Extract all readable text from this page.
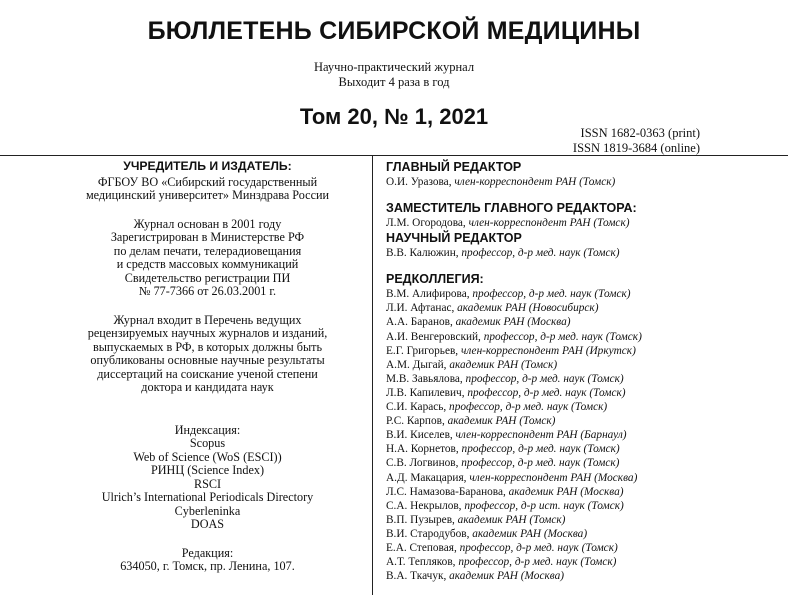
БЮЛЛЕТЕНЬ СИБИРСКОЙ МЕДИЦИНЫ
Научно-практический журнал
Выходит 4 раза в год
Том 20, № 1, 2021
ISSN 1682-0363 (print)
ISSN 1819-3684 (online)
УЧРЕДИТЕЛЬ И ИЗДАТЕЛЬ:

ФГБОУ ВО «Сибирский государственный

медицинский университет» Минздрава России

Журнал основан в 2001 году

Зарегистрирован в Министерстве РФ

по делам печати, телерадиовещания

и средств массовых коммуникаций

Свидетельство регистрации ПИ

№ 77-7366 от 26.03.2001 г.

Журнал входит в Перечень ведущих

рецензируемых научных журналов и изданий,

выпускаемых в РФ, в которых должны быть

опубликованы основные научные результаты

диссертаций на соискание ученой степени

доктора и кандидата наук

Индексация:

Scopus

Web of Science (WoS (ESCI))

РИНЦ (Science Index)

RSCI

Ulrich’s International Periodicals Directory

Cyberleninka

DOAS

Редакция:

634050, г. Томск, пр. Ленина, 107.

ГЛАВНЫЙ РЕДАКТОР
О.И. Уразова, член-корреспондент РАН (Томск)
ЗАМЕСТИТЕЛЬ ГЛАВНОГО РЕДАКТОРА:
Л.М. Огородова, член-корреспондент РАН (Томск)
НАУЧНЫЙ РЕДАКТОР
В.В. Калюжин, профессор, д-р мед. наук (Томск)
РЕДКОЛЛЕГИЯ:
В.М. Алифирова, профессор, д-р мед. наук (Томск)
Л.И. Афтанас, академик РАН (Новосибирск)
А.А. Баранов, академик РАН (Москва)
А.И. Венгеровский, профессор, д-р мед. наук (Томск)
Е.Г. Григорьев, член-корреспондент РАН (Иркутск)
А.М. Дыгай, академик РАН (Томск)
М.В. Завьялова, профессор, д-р мед. наук (Томск)
Л.В. Капилевич, профессор, д-р мед. наук (Томск)
С.И. Карась, профессор, д-р мед. наук (Томск)
Р.С. Карпов, академик РАН (Томск)
В.И. Киселев, член-корреспондент РАН (Барнаул)
Н.А. Корнетов, профессор, д-р мед. наук (Томск)
С.В. Логвинов, профессор, д-р мед. наук (Томск)
А.Д. Макацария, член-корреспондент РАН (Москва)
Л.С. Намазова-Баранова, академик РАН (Москва)
С.А. Некрылов, профессор, д-р ист. наук (Томск)
В.П. Пузырев, академик РАН (Томск)
В.И. Стародубов, академик РАН (Москва)
Е.А. Степовая, профессор, д-р мед. наук (Томск)
А.Т. Тепляков, профессор, д-р мед. наук (Томск)
В.А. Ткачук, академик РАН (Москва)
